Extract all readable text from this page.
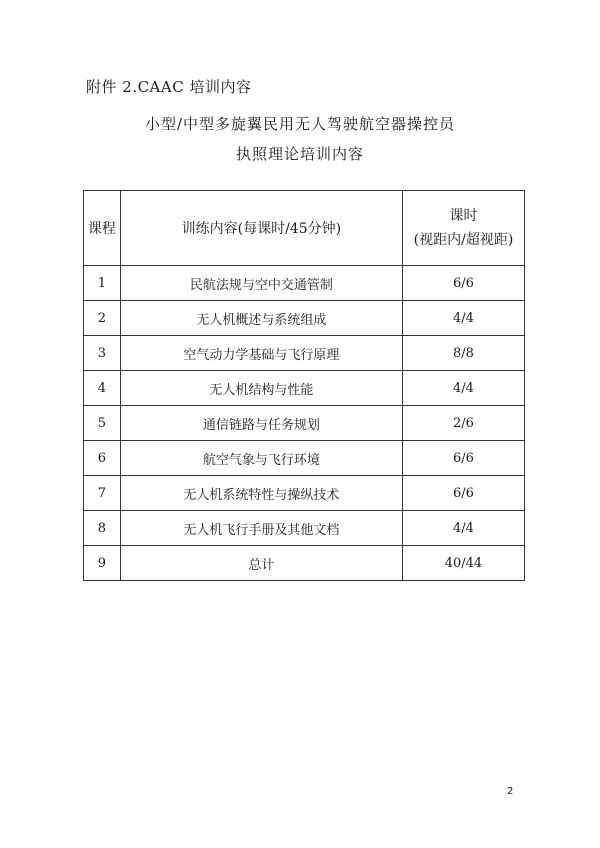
附件 2.CAAC 培训内容
小型/中型多旋翼民用无人驾驶航空器操控员
执照理论培训内容
课程	训练内容(每课时/45分钟)	课时
(视距内/超视距)

1	民航法规与空中交通管制	6/6
2	无人机概述与系统组成	4/4
3	空气动力学基础与飞行原理	8/8
4	无人机结构与性能	4/4
5	通信链路与任务规划	2/6
6	航空气象与飞行环境	6/6
7	无人机系统特性与操纵技术	6/6
8	无人机飞行手册及其他文档	4/4
9	总计	40/44
2
